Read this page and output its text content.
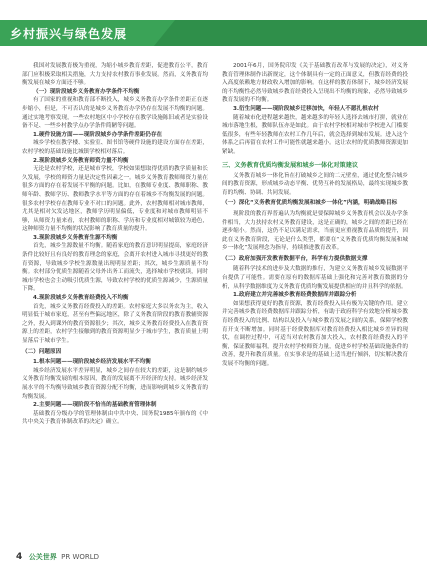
乡村振兴与绿色发展

我国对发展教育极为重视，为缩小城乡教育差距，促进教育公平，教育部门应积极采取相关措施，大力支持农村教育事业发展。然而，义务教育均衡发展在城乡方面还不够。

（一）现阶段城乡义务教育办学条件不均衡

有了国家的重视和教育部不断投入，城乡义务教育办学条件差距正在逐步缩小，但是，不可否认的是城乡义务教育办学仍存在发展不均衡的问题。通过实地考察发现，一些农村地区中小学校存在教学设施陈旧或者是实验设备不足、一些乡村教学点办学条件简陋等问题。

1.硬件设施方面——现阶段城乡办学条件差距仍存在

城乡学校在教学楼、实验室、图书馆等硬件设施的建设方面存在差距，农村学校的基础设施比城镇学校相对落后。

2.现阶段城乡义务教育师资力量不均衡

无论是农村学校，还是城市学校，学校如果想取得优质的教学质量和长久发展，学校的师资力量是决定性因素之一。城乡义务教育教师师资力量在很多方面的存在着发展不平衡的问题。比如，在教师专业度、教师职称、教师年龄、教师学历、教师教学水平等方面的存在着城乡不均衡发展的问题。很多农村学校存在教师专业不对口的问题。此外，农村教师相对城市教师，尤其是相对欠发达地区，教师学历明显偏低，专业度和对城市教师明显不够，从师资力量来看，农村教师的职称、学历和专业度相对城镇较为逊色，这种师资力量不均衡的状况影响了教育质量的提升。

3.现阶段城乡义务教育生源不均衡

首先，城乡生源数量不均衡。随着家庭的教育意识明显提高，家庭经济条件比较好且有良好的教育理念的家庭，会离开农村进入城市寻找更好的教育资源，导致城乡学校生源数量出现明显差距；其次，城乡生源质量不均衡。农村部分优质生源随着父母外出务工而流失，选择城市学校就读，同时城市学校也会主动吸引优质生源，导致农村学校的优质生源减少，生源质量下降。

4.现阶段城乡义务教育经费投入不均衡

首先，城乡义务教育经费投入的差距。农村家庭大多以务农为主，收入明显低于城市家庭，甚至有些偏远地区，除了义务教育阶段的教育教辅资源之外，投入到课外的教育资源很少；其次，城乡义务教育经费投入在教育资源上的差距，农村学生接触到的教育资源明显少于城市学生，教育质量上明显落后于城市学生。

（二）问题原因

1.根本问题——现阶段城乡经济发展水平不均衡

城乡经济发展水平差异明显，城乡之间存在较大的差距，这是制约城乡义务教育均衡发展的根本原因，教育的发展离不开经济的支持。城乡经济发展水平的不均衡导致城乡教育资源分配不均衡，进而影响到城乡义务教育的均衡发展。

2.主要问题——现阶段不恰当的基础教育管理体制

基础教育分级办学的管理体制由中共中央、国务院1985年颁布的《中共中央关于教育体制改革的决定》确立。

2001年6月，国务院印发《关于基础教育改革与发展的决定》，对义务教育管理体制作出新规定，这个体制具有一定的正面意义，但教育经费的投入高度依赖地方财政收入增加的影响。在这样的教育体制下，城乡经济发展的不均衡性必然导致城乡教育经费投入呈现出不均衡的现象，必然导致城乡教育发展的不均衡。

3.衍生问题——现阶段城乡迁移加快，年轻人不愿扎根农村

随着城市化进程越来越快，越来越多的年轻人选择去城市打拼，就业在城市落地生根，教师队伍亦是如此。由于农村学校相对城市学校进入门槛要低很多，有些年轻教师在农村工作几年后，就会选择到城市发展。进入这个体系之后再留在农村工作可能性就越来越小。这让农村的优质教师资源更加紧缺。

三、义务教育优质均衡发展和城乡一体化对策建议

义务教育城乡一体化旨在打破城乡之间的二元壁垒，通过优化整合城乡间的教育资源，形成城乡动态平衡、优势互补的发展格局，最终实现城乡教育的均衡、协调、共同发展。

（一）深化“义务教育优质均衡发展和城乡一体化”内涵，明确战略目标

现阶段的教育界普遍认为均衡就是要保障城乡义务教育机会以及办学条件相当，大力扶持农村义务教育建设，这是正确的，城乡之间的差距已经在逐步缩小。然而，这仍不足以满足需求，当前更应重视教育品质的提升，因此在义务教育阶段，无论是什么类型，都要在“义务教育优质均衡发展和城乡一体化”发展理念为指导，持续推进教育改革。

（二）政府加强开发教育数据平台，科学有力提供数据支撑

随着科学技术的进步及大数据的推行，为建立义务教育城乡发展数据平台提供了可能性。需要在原有的数据库基础上强化和完善对教育数据的分析，从科学数据维度为义务教育优质均衡发展提供相应的并且科学的依据。

1.政府建立并完善城乡教育经费数据库并跟踪分析

如果想获得更好的教育资源，教育经费投入具有极为关键的作用。建立并完善城乡教育经费数据库并跟踪分析，有助于政府科学有效地分析城乡教育经费投入的比例、结构以及投入与城乡教育发展之间的关系，保障学校教育开支不断增加。同时基于经费数据库对教育经费投入相比城乡差异的现状，在调控过程中，可适当对农村教育加大投入，农村教育经费投入的平衡，保证教师福利，提升农村学校师资力量，促进乡村学校基础设施条件的改善，提升和教育质量。在实事求是的基础上适当进行倾斜，切实解决教育发展不均衡的问题。

4 公关世界 PR WORLD
